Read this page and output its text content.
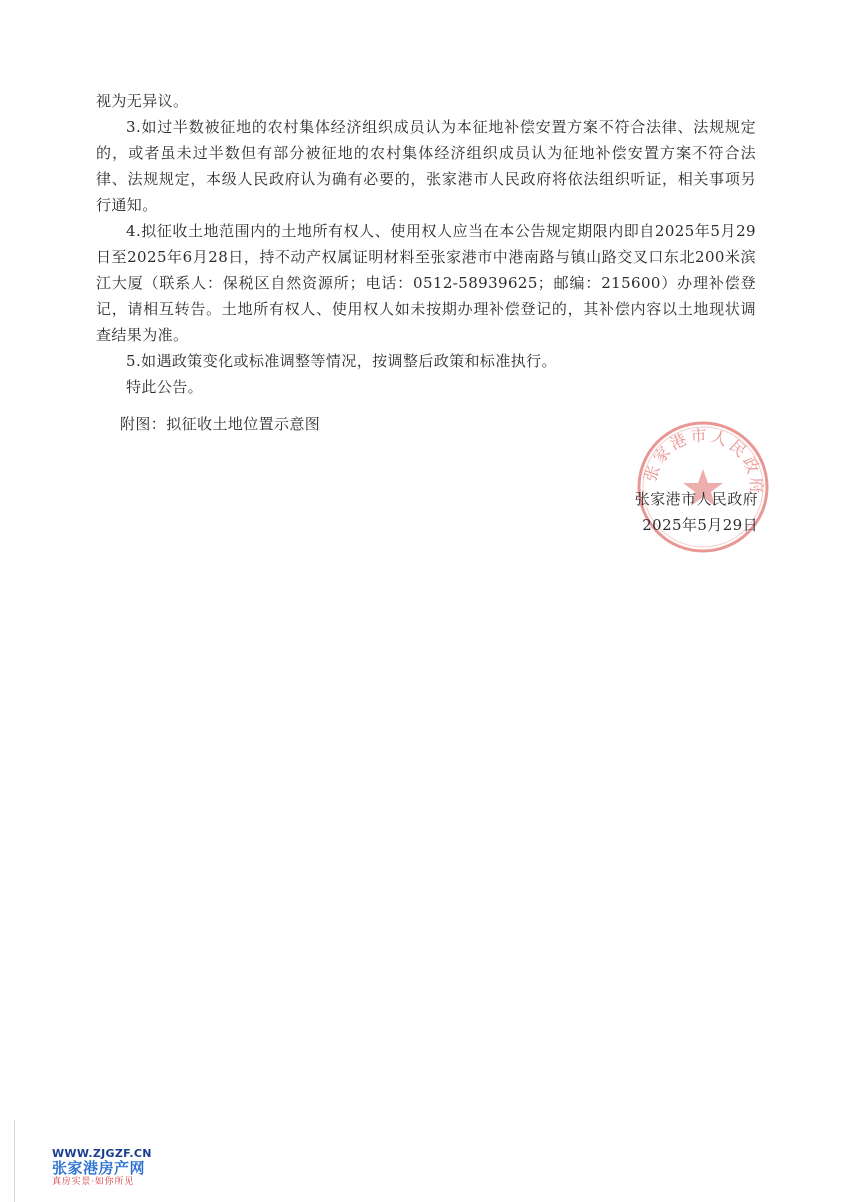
视为无异议。

3.如过半数被征地的农村集体经济组织成员认为本征地补偿安置方案不符合法律、法规规定的，或者虽未过半数但有部分被征地的农村集体经济组织成员认为征地补偿安置方案不符合法律、法规规定，本级人民政府认为确有必要的，张家港市人民政府将依法组织听证，相关事项另行通知。

4.拟征收土地范围内的土地所有权人、使用权人应当在本公告规定期限内即自2025年5月29日至2025年6月28日，持不动产权属证明材料至张家港市中港南路与镇山路交叉口东北200米滨江大厦（联系人：保税区自然资源所；电话：0512-58939625；邮编：215600）办理补偿登记，请相互转告。土地所有权人、使用权人如未按期办理补偿登记的，其补偿内容以土地现状调查结果为准。

5.如遇政策变化或标准调整等情况，按调整后政策和标准执行。

特此公告。

附图：拟征收土地位置示意图
张家港市人民政府
张家港市人民政府
2025年5月29日
WWW.ZJGZF.CN
张家港房产网
真房实景·如你所见
